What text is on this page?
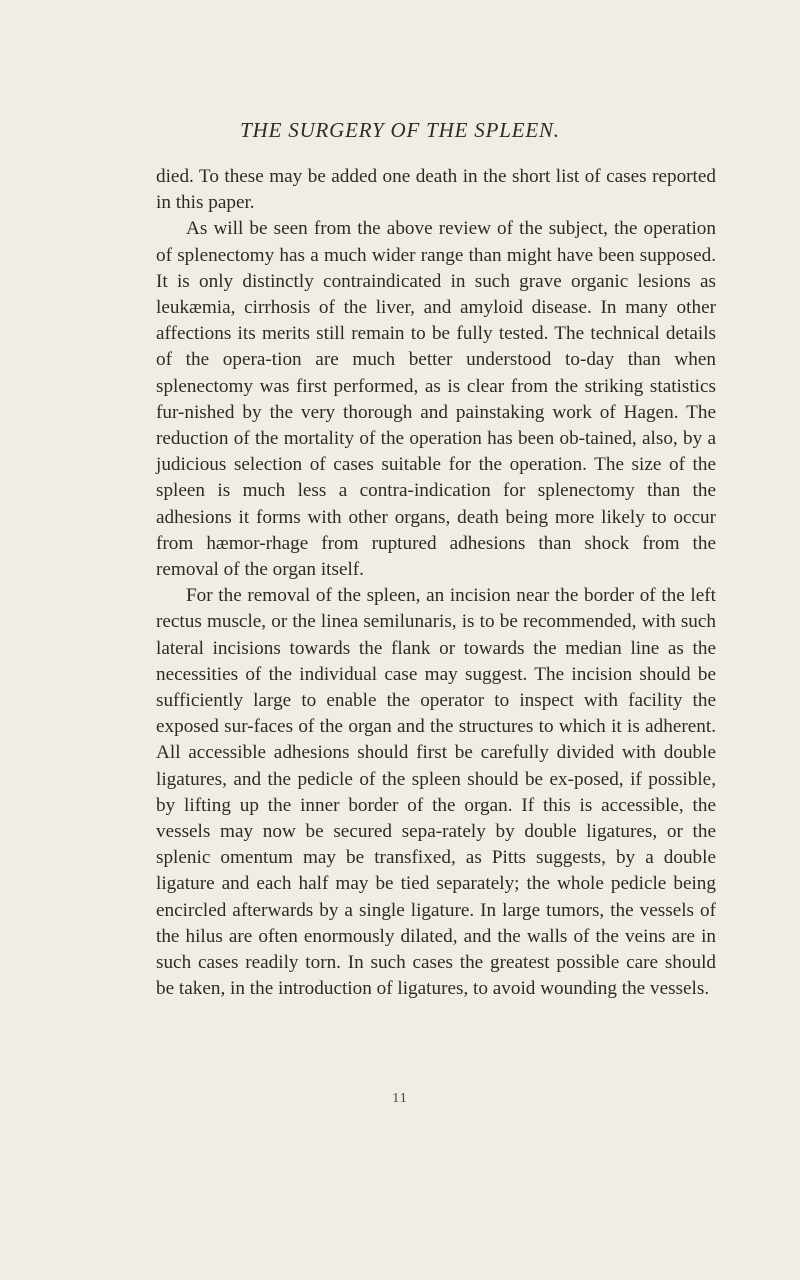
THE SURGERY OF THE SPLEEN.

died. To these may be added one death in the short list of cases reported in this paper.

As will be seen from the above review of the subject, the operation of splenectomy has a much wider range than might have been supposed. It is only distinctly contraindicated in such grave organic lesions as leukæmia, cirrhosis of the liver, and amyloid disease. In many other affections its merits still remain to be fully tested. The technical details of the opera-tion are much better understood to-day than when splenectomy was first performed, as is clear from the striking statistics fur-nished by the very thorough and painstaking work of Hagen. The reduction of the mortality of the operation has been ob-tained, also, by a judicious selection of cases suitable for the operation. The size of the spleen is much less a contra-indication for splenectomy than the adhesions it forms with other organs, death being more likely to occur from hæmor-rhage from ruptured adhesions than shock from the removal of the organ itself.

For the removal of the spleen, an incision near the border of the left rectus muscle, or the linea semilunaris, is to be recommended, with such lateral incisions towards the flank or towards the median line as the necessities of the individual case may suggest. The incision should be sufficiently large to enable the operator to inspect with facility the exposed sur-faces of the organ and the structures to which it is adherent. All accessible adhesions should first be carefully divided with double ligatures, and the pedicle of the spleen should be ex-posed, if possible, by lifting up the inner border of the organ. If this is accessible, the vessels may now be secured sepa-rately by double ligatures, or the splenic omentum may be transfixed, as Pitts suggests, by a double ligature and each half may be tied separately; the whole pedicle being encircled afterwards by a single ligature. In large tumors, the vessels of the hilus are often enormously dilated, and the walls of the veins are in such cases readily torn. In such cases the greatest possible care should be taken, in the introduction of ligatures, to avoid wounding the vessels.

11
